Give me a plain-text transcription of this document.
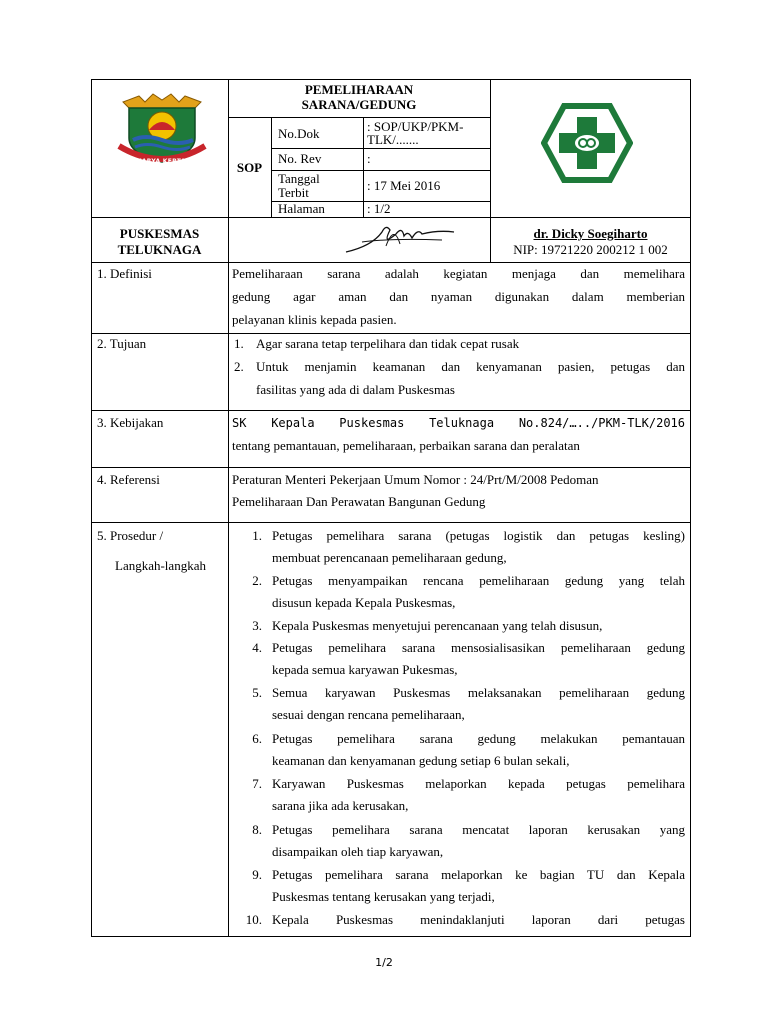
SATYA KARYA KERTARAHARJA
PEMELIHARAAN
SARANA/GEDUNG
SOP
No.Dok	: SOP/UKP/PKM-
TLK/.......
No. Rev	:
Tanggal
Terbit	: 17 Mei 2016
Halaman	: 1/2
PUSKESMAS
TELUKNAGA
dr. Dicky Soegiharto
NIP: 19721220 200212 1 002
1. Definisi	Pemeliharaan sarana adalah kegiatan menjaga dan memelihara
gedung agar aman dan nyaman digunakan dalam memberian
pelayanan klinis kepada pasien.
2. Tujuan	1. Agar sarana tetap terpelihara dan tidak cepat rusak
2. Untuk menjamin keamanan dan kenyamanan pasien, petugas dan
fasilitas yang ada di dalam Puskesmas
3. Kebijakan	SK Kepala Puskesmas Teluknaga No.824/…../PKM-TLK/2016
tentang pemantauan, pemeliharaan, perbaikan sarana dan peralatan
4. Referensi	Peraturan Menteri Pekerjaan Umum Nomor : 24/Prt/M/2008 Pedoman
Pemeliharaan Dan Perawatan Bangunan Gedung
5. Prosedur /
Langkah-langkah
1. Petugas pemelihara sarana (petugas logistik dan petugas kesling)
membuat perencanaan pemeliharaan gedung,
2. Petugas menyampaikan rencana pemeliharaan gedung yang telah
disusun kepada Kepala Puskesmas,
3. Kepala Puskesmas menyetujui perencanaan yang telah disusun,
4. Petugas pemelihara sarana mensosialisasikan pemeliharaan gedung
kepada semua karyawan Pukesmas,
5. Semua karyawan Puskesmas melaksanakan pemeliharaan gedung
sesuai dengan rencana pemeliharaan,
6. Petugas pemelihara sarana gedung melakukan pemantauan
keamanan dan kenyamanan gedung setiap 6 bulan sekali,
7. Karyawan Puskesmas melaporkan kepada petugas pemelihara
sarana jika ada kerusakan,
8. Petugas pemelihara sarana mencatat laporan kerusakan yang
disampaikan oleh tiap karyawan,
9. Petugas pemelihara sarana melaporkan ke bagian TU dan Kepala
Puskesmas tentang kerusakan yang terjadi,
10. Kepala Puskesmas menindaklanjuti laporan dari petugas
1/2
